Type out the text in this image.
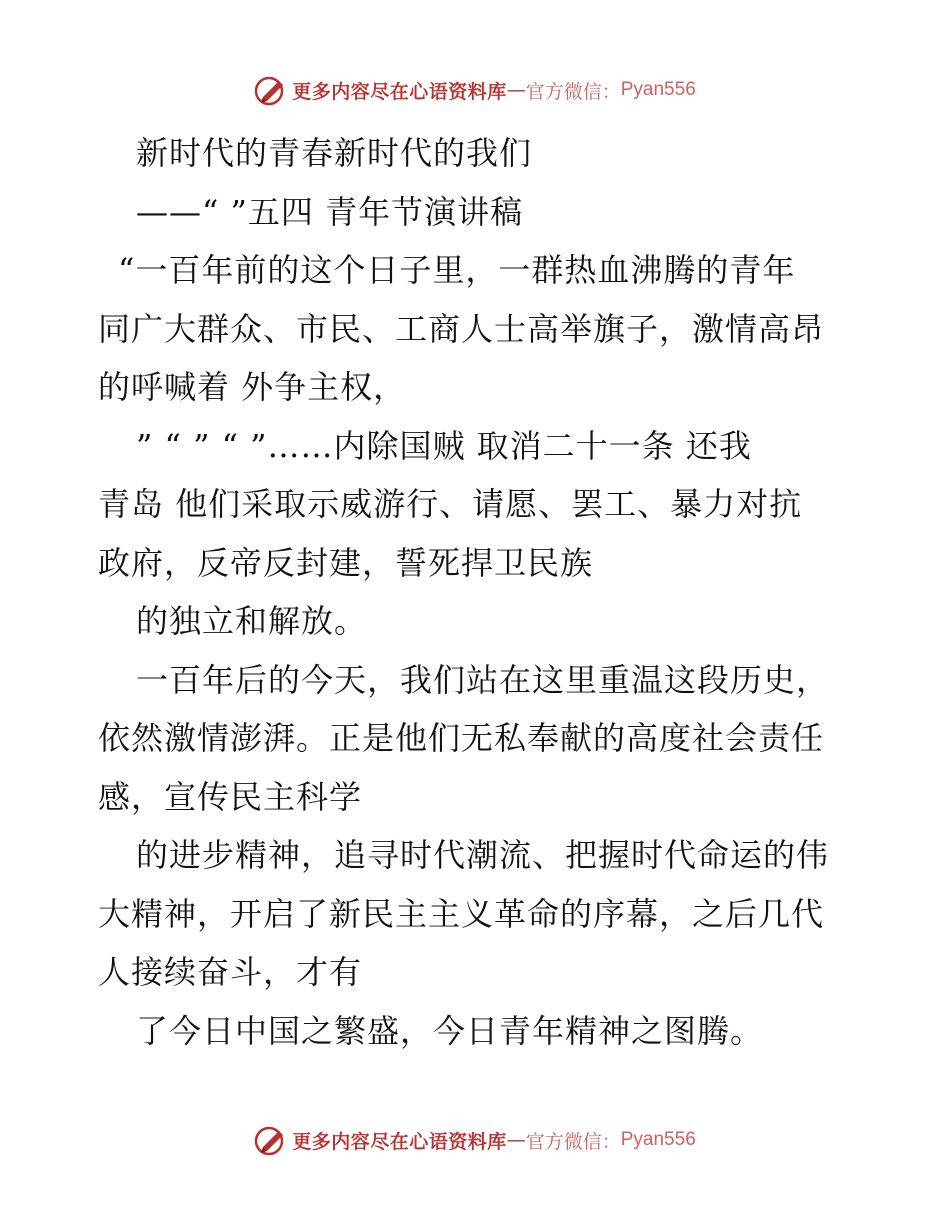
更多内容尽在心语资料库 — 官方微信： Pyan556
新时代的青春新时代的我们
——“ ”五四 青年节演讲稿
“一百年前的这个日子里，一群热血沸腾的青年
同广大群众、市民、工商人士高举旗子，激情高昂
的呼喊着 外争主权，
” “ ” “ ”……内除国贼 取消二十一条 还我
青岛 他们采取示威游行、请愿、罢工、暴力对抗
政府，反帝反封建，誓死捍卫民族
的独立和解放。
一百年后的今天，我们站在这里重温这段历史，
依然激情澎湃。正是他们无私奉献的高度社会责任
感，宣传民主科学
的进步精神，追寻时代潮流、把握时代命运的伟
大精神，开启了新民主主义革命的序幕，之后几代
人接续奋斗，才有
了今日中国之繁盛，今日青年精神之图腾。
更多内容尽在心语资料库 — 官方微信： Pyan556
